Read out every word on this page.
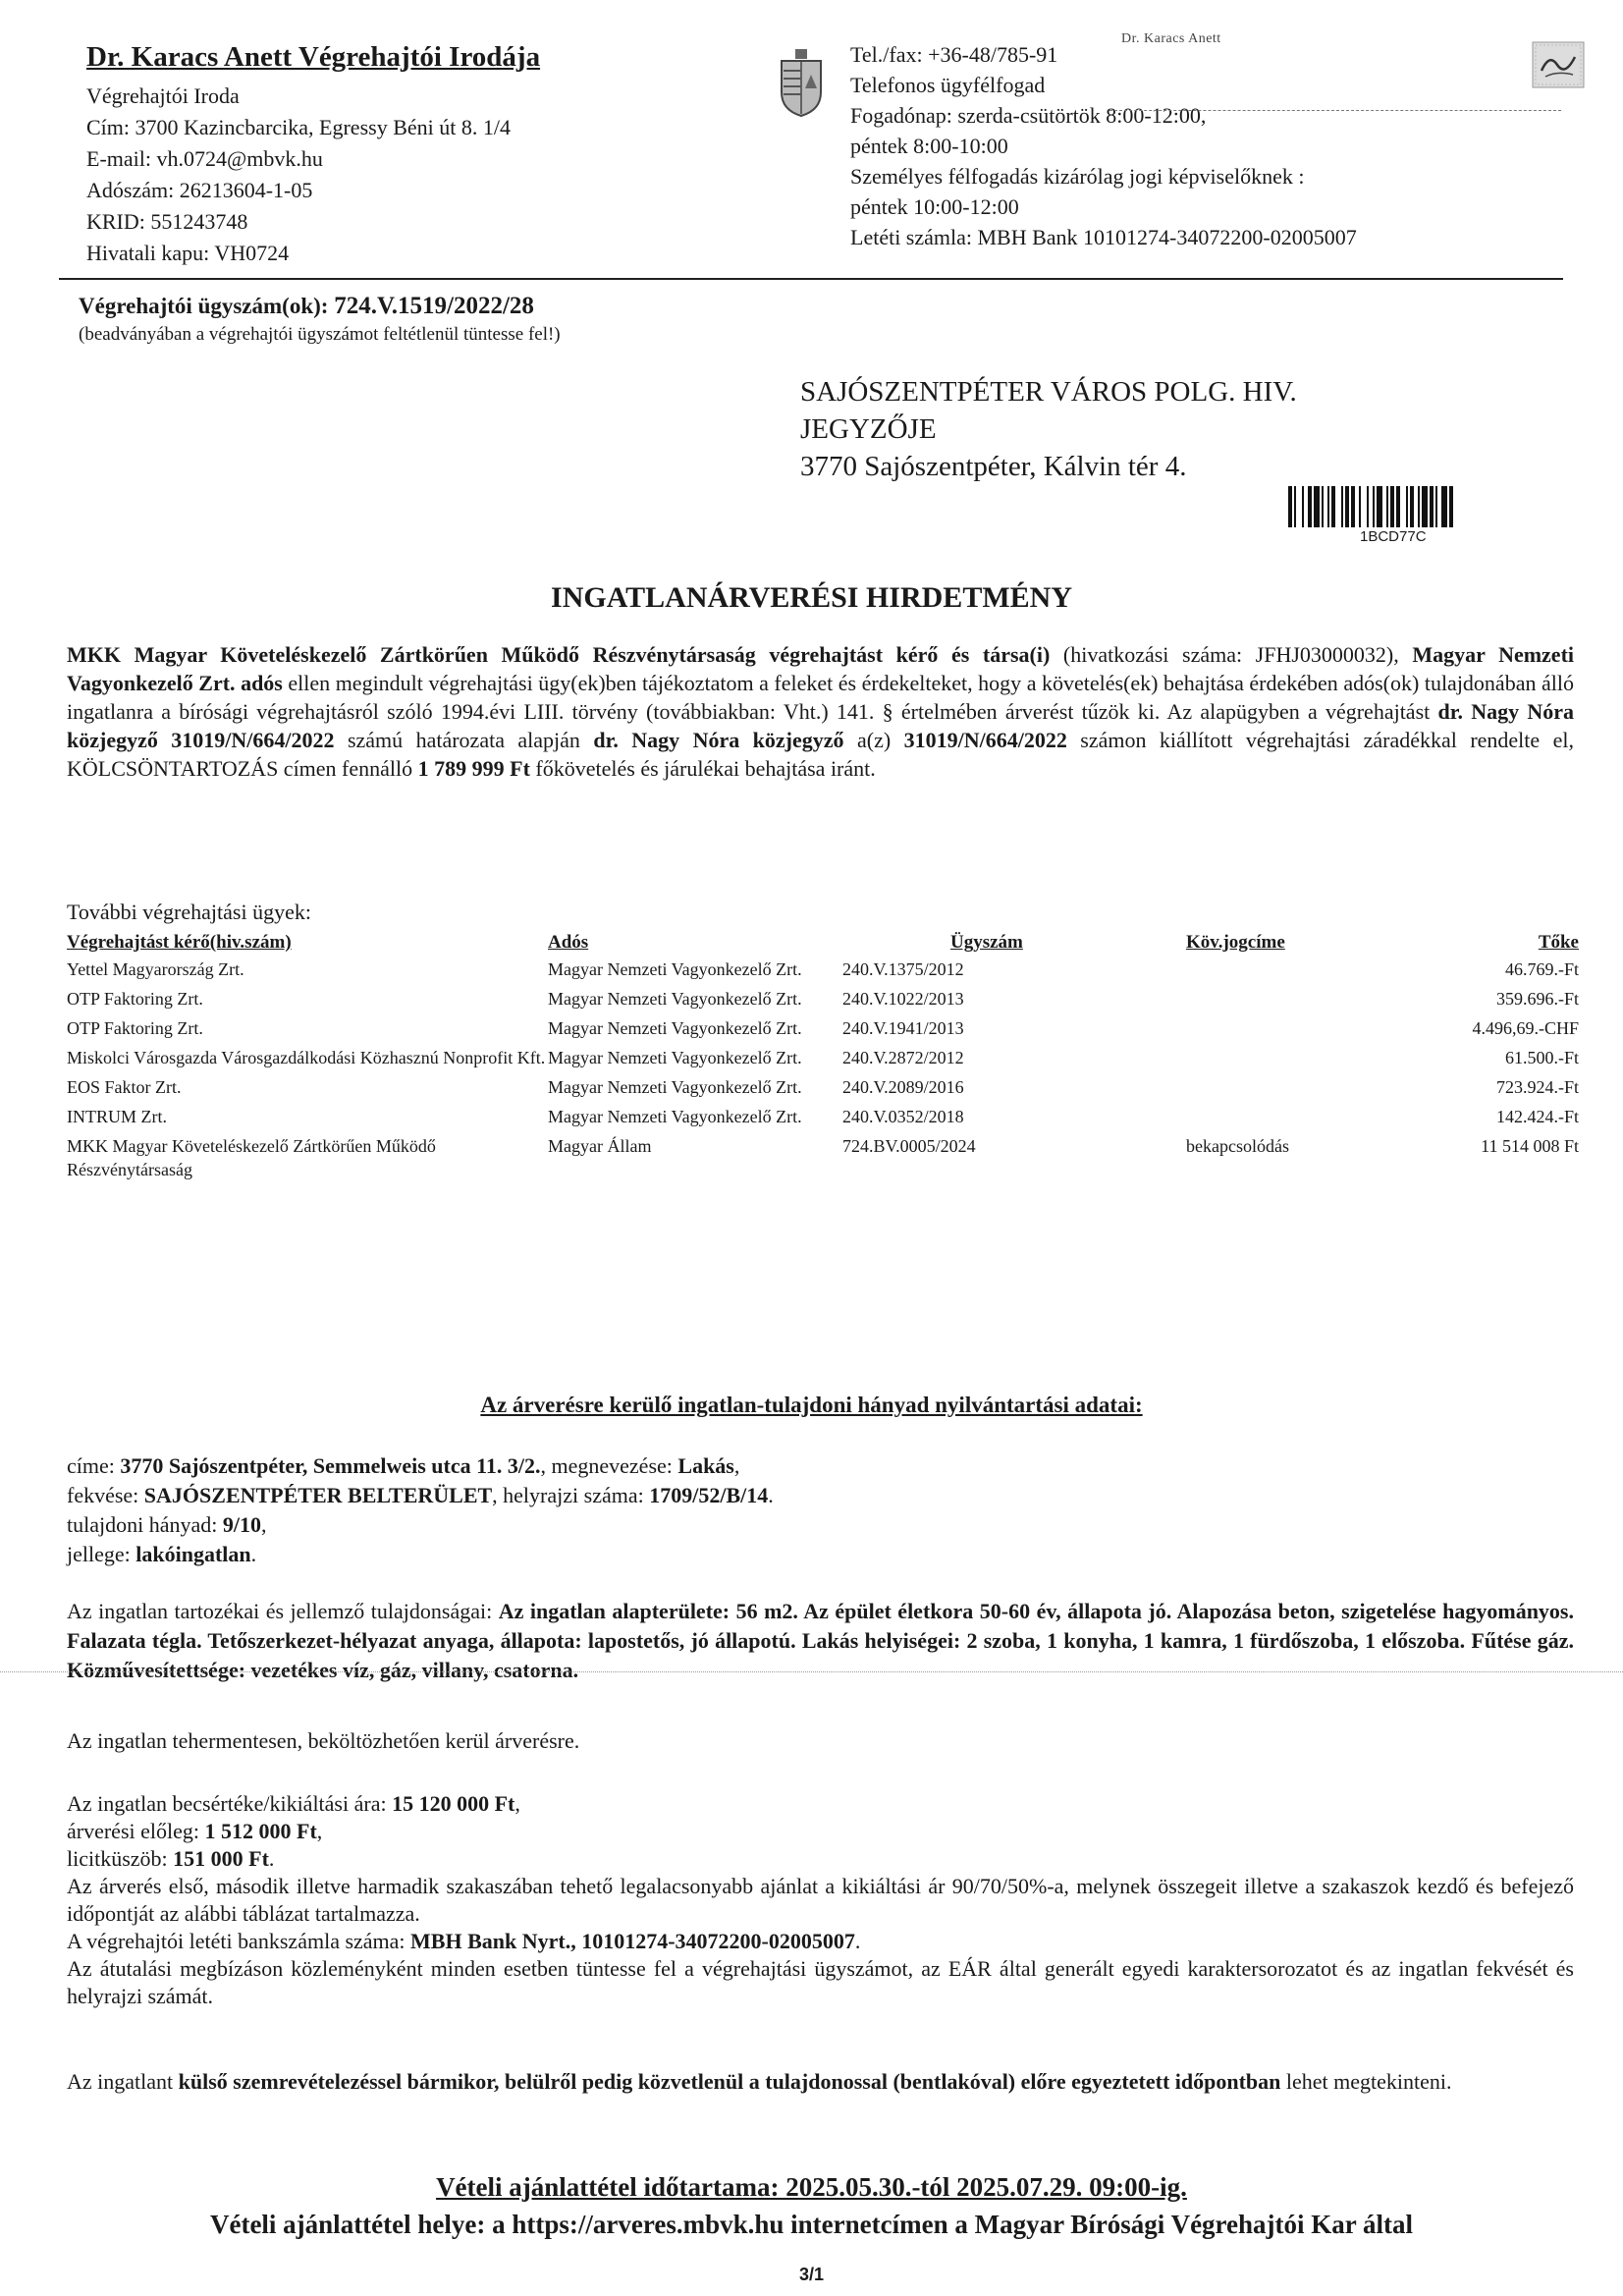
Dr. Karacs Anett Végrehajtói Irodája
Végrehajtói Iroda
Cím: 3700 Kazincbarcika, Egressy Béni út 8. 1/4
E-mail: vh.0724@mbvk.hu
Adószám: 26213604-1-05
KRID: 551243748
Hivatali kapu: VH0724
Tel./fax: +36-48/785-91
Telefonos ügyfélfogad
Fogadónap: szerda-csütörtök 8:00-12:00,
péntek 8:00-10:00
Személyes félfogadás kizárólag jogi képviselőknek :
péntek 10:00-12:00
Letéti számla: MBH Bank 10101274-34072200-02005007
Dr. Karacs Anett
Végrehajtói ügyszám(ok): 724.V.1519/2022/28
(beadványában a végrehajtói ügyszámot feltétlenül tüntesse fel!)
SAJÓSZENTPÉTER VÁROS POLG. HIV.
JEGYZŐJE
3770 Sajószentpéter, Kálvin tér 4.
1BCD77C
INGATLANÁRVERÉSI HIRDETMÉNY
MKK Magyar Követeléskezelő Zártkörűen Működő Részvénytársaság végrehajtást kérő és társa(i) (hivatkozási száma: JFHJ03000032), Magyar Nemzeti Vagyonkezelő Zrt. adós ellen megindult végrehajtási ügy(ek)ben tájékoztatom a feleket és érdekelteket, hogy a követelés(ek) behajtása érdekében adós(ok) tulajdonában álló ingatlanra a bírósági végrehajtásról szóló 1994.évi LIII. törvény (továbbiakban: Vht.) 141. § értelmében árverést tűzök ki. Az alapügyben a végrehajtást dr. Nagy Nóra közjegyző 31019/N/664/2022 számú határozata alapján dr. Nagy Nóra közjegyző a(z) 31019/N/664/2022 számon kiállított végrehajtási záradékkal rendelte el, KÖLCSÖNTARTOZÁS címen fennálló 1 789 999 Ft főkövetelés és járulékai behajtása iránt.
További végrehajtási ügyek:
Végrehajtást kérő(hiv.szám)	Adós	Ügyszám	Köv.jogcíme	Tőke
Yettel Magyarország Zrt.	Magyar Nemzeti Vagyonkezelő Zrt.	240.V.1375/2012		46.769.-Ft
OTP Faktoring Zrt.	Magyar Nemzeti Vagyonkezelő Zrt.	240.V.1022/2013		359.696.-Ft
OTP Faktoring Zrt.	Magyar Nemzeti Vagyonkezelő Zrt.	240.V.1941/2013		4.496,69.-CHF
Miskolci Városgazda Városgazdálkodási Közhasznú Nonprofit Kft.	Magyar Nemzeti Vagyonkezelő Zrt.	240.V.2872/2012		61.500.-Ft
EOS Faktor Zrt.	Magyar Nemzeti Vagyonkezelő Zrt.	240.V.2089/2016		723.924.-Ft
INTRUM Zrt.	Magyar Nemzeti Vagyonkezelő Zrt.	240.V.0352/2018		142.424.-Ft
MKK Magyar Követeléskezelő Zártkörűen Működő Részvénytársaság	Magyar Állam	724.BV.0005/2024	bekapcsolódás	11 514 008 Ft
Az árverésre kerülő ingatlan-tulajdoni hányad nyilvántartási adatai:
címe: 3770 Sajószentpéter, Semmelweis utca 11. 3/2., megnevezése: Lakás,
fekvése: SAJÓSZENTPÉTER BELTERÜLET, helyrajzi száma: 1709/52/B/14.
tulajdoni hányad: 9/10,
jellege: lakóingatlan.
Az ingatlan tartozékai és jellemző tulajdonságai: Az ingatlan alapterülete: 56 m2. Az épület életkora 50-60 év, állapota jó. Alapozása beton, szigetelése hagyományos. Falazata tégla. Tetőszerkezet-hélyazat anyaga, állapota: lapostetős, jó állapotú. Lakás helyiségei: 2 szoba, 1 konyha, 1 kamra, 1 fürdőszoba, 1 előszoba. Fűtése gáz. Közművesítettsége: vezetékes víz, gáz, villany, csatorna.
Az ingatlan tehermentesen, beköltözhetően kerül árverésre.
Az ingatlan becsértéke/kikiáltási ára: 15 120 000 Ft,
árverési előleg: 1 512 000 Ft,
licitküszöb: 151 000 Ft.
Az árverés első, második illetve harmadik szakaszában tehető legalacsonyabb ajánlat a kikiáltási ár 90/70/50%-a, melynek összegeit illetve a szakaszok kezdő és befejező időpontját az alábbi táblázat tartalmazza.
A végrehajtói letéti bankszámla száma: MBH Bank Nyrt., 10101274-34072200-02005007.
Az átutalási megbízáson közleményként minden esetben tüntesse fel a végrehajtási ügyszámot, az EÁR által generált egyedi karaktersorozatot és az ingatlan fekvését és helyrajzi számát.
Az ingatlant külső szemrevételezéssel bármikor, belülről pedig közvetlenül a tulajdonossal (bentlakóval) előre egyeztetett időpontban lehet megtekinteni.
Vételi ajánlattétel időtartama: 2025.05.30.-tól 2025.07.29. 09:00-ig.
Vételi ajánlattétel helye: a https://arveres.mbvk.hu internetcímen a Magyar Bírósági Végrehajtói Kar által
3/1
